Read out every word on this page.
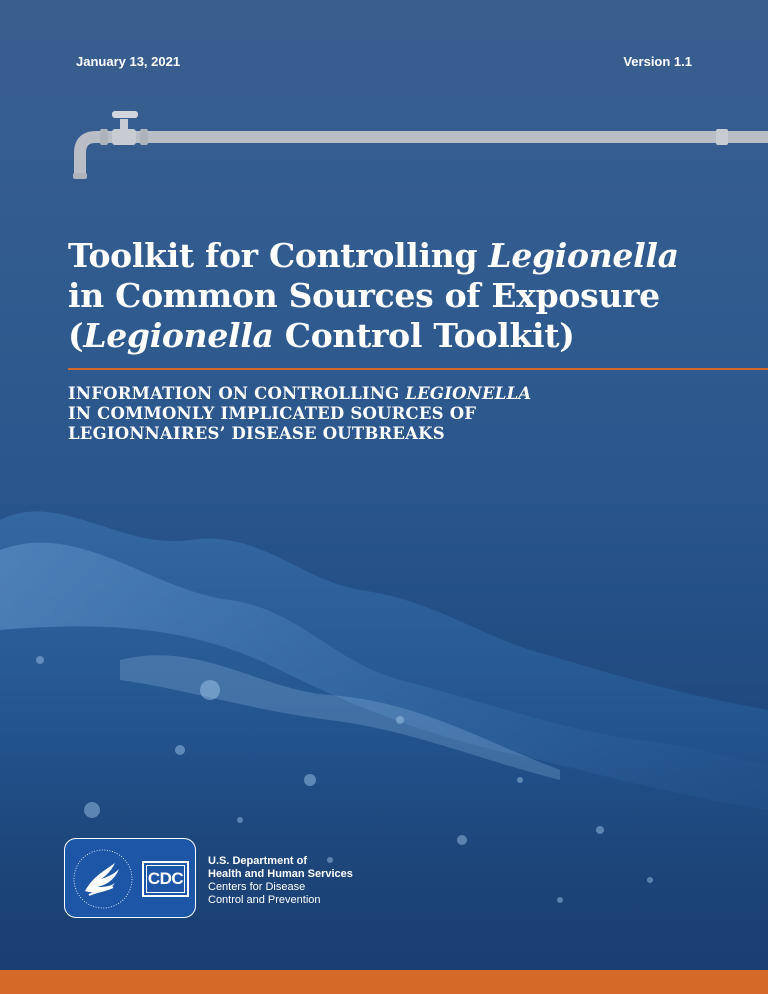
January 13, 2021	Version 1.1
Toolkit for Controlling Legionella
in Common Sources of Exposure
(Legionella Control Toolkit)
INFORMATION ON CONTROLLING LEGIONELLA
IN COMMONLY IMPLICATED SOURCES OF
LEGIONNAIRES’ DISEASE OUTBREAKS
CDC
U.S. Department of
Health and Human Services
Centers for Disease
Control and Prevention
